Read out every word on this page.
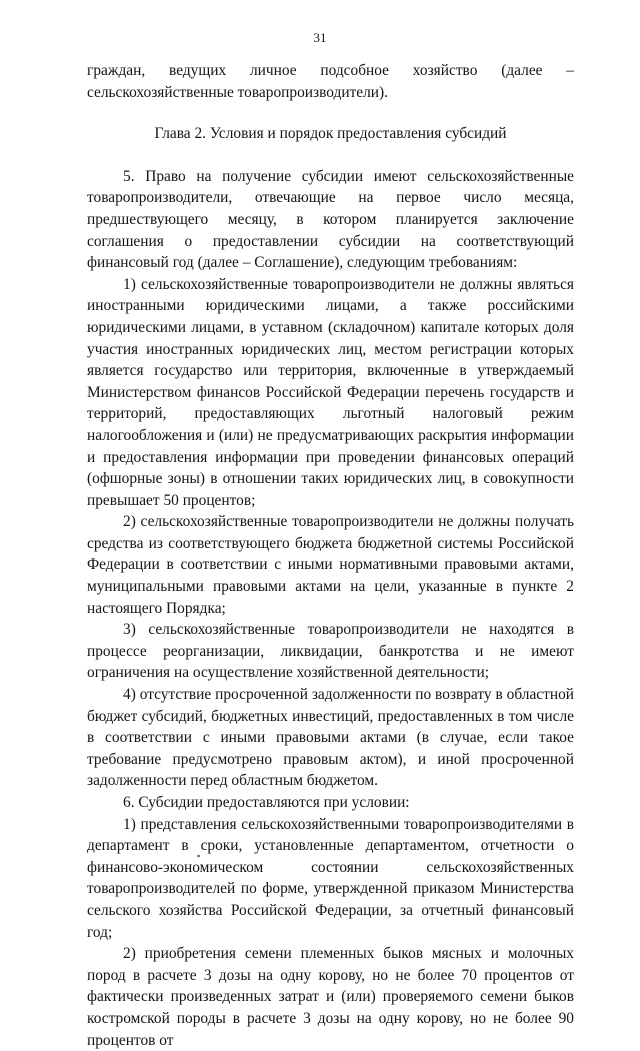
31

граждан, ведущих личное подсобное хозяйство (далее – сельскохозяйственные товаропроизводители).

Глава 2. Условия и порядок предоставления субсидий

5. Право на получение субсидии имеют сельскохозяйственные товаропроизводители, отвечающие на первое число месяца, предшествующего месяцу, в котором планируется заключение соглашения о предоставлении субсидии на соответствующий финансовый год (далее – Соглашение), следующим требованиям:

1) сельскохозяйственные товаропроизводители не должны являться иностранными юридическими лицами, а также российскими юридическими лицами, в уставном (складочном) капитале которых доля участия иностранных юридических лиц, местом регистрации которых является государство или территория, включенные в утверждаемый Министерством финансов Российской Федерации перечень государств и территорий, предоставляющих льготный налоговый режим налогообложения и (или) не предусматривающих раскрытия информации и предоставления информации при проведении финансовых операций (офшорные зоны) в отношении таких юридических лиц, в совокупности превышает 50 процентов;

2) сельскохозяйственные товаропроизводители не должны получать средства из соответствующего бюджета бюджетной системы Российской Федерации в соответствии с иными нормативными правовыми актами, муниципальными правовыми актами на цели, указанные в пункте 2 настоящего Порядка;

3) сельскохозяйственные товаропроизводители не находятся в процессе реорганизации, ликвидации, банкротства и не имеют ограничения на осуществление хозяйственной деятельности;

4) отсутствие просроченной задолженности по возврату в областной бюджет субсидий, бюджетных инвестиций, предоставленных в том числе в соответствии с иными правовыми актами (в случае, если такое требование предусмотрено правовым актом), и иной просроченной задолженности перед областным бюджетом.

6. Субсидии предоставляются при условии:

1) представления сельскохозяйственными товаропроизводителями в департамент в сроки, установленные департаментом, отчетности о финансово-экономическом состоянии сельскохозяйственных товаропроизводителей по форме, утвержденной приказом Министерства сельского хозяйства Российской Федерации, за отчетный финансовый год;

2) приобретения семени племенных быков мясных и молочных пород в расчете 3 дозы на одну корову, но не более 70 процентов от фактически произведенных затрат и (или) проверяемого семени быков костромской породы в расчете 3 дозы на одну корову, но не более 90 процентов от
